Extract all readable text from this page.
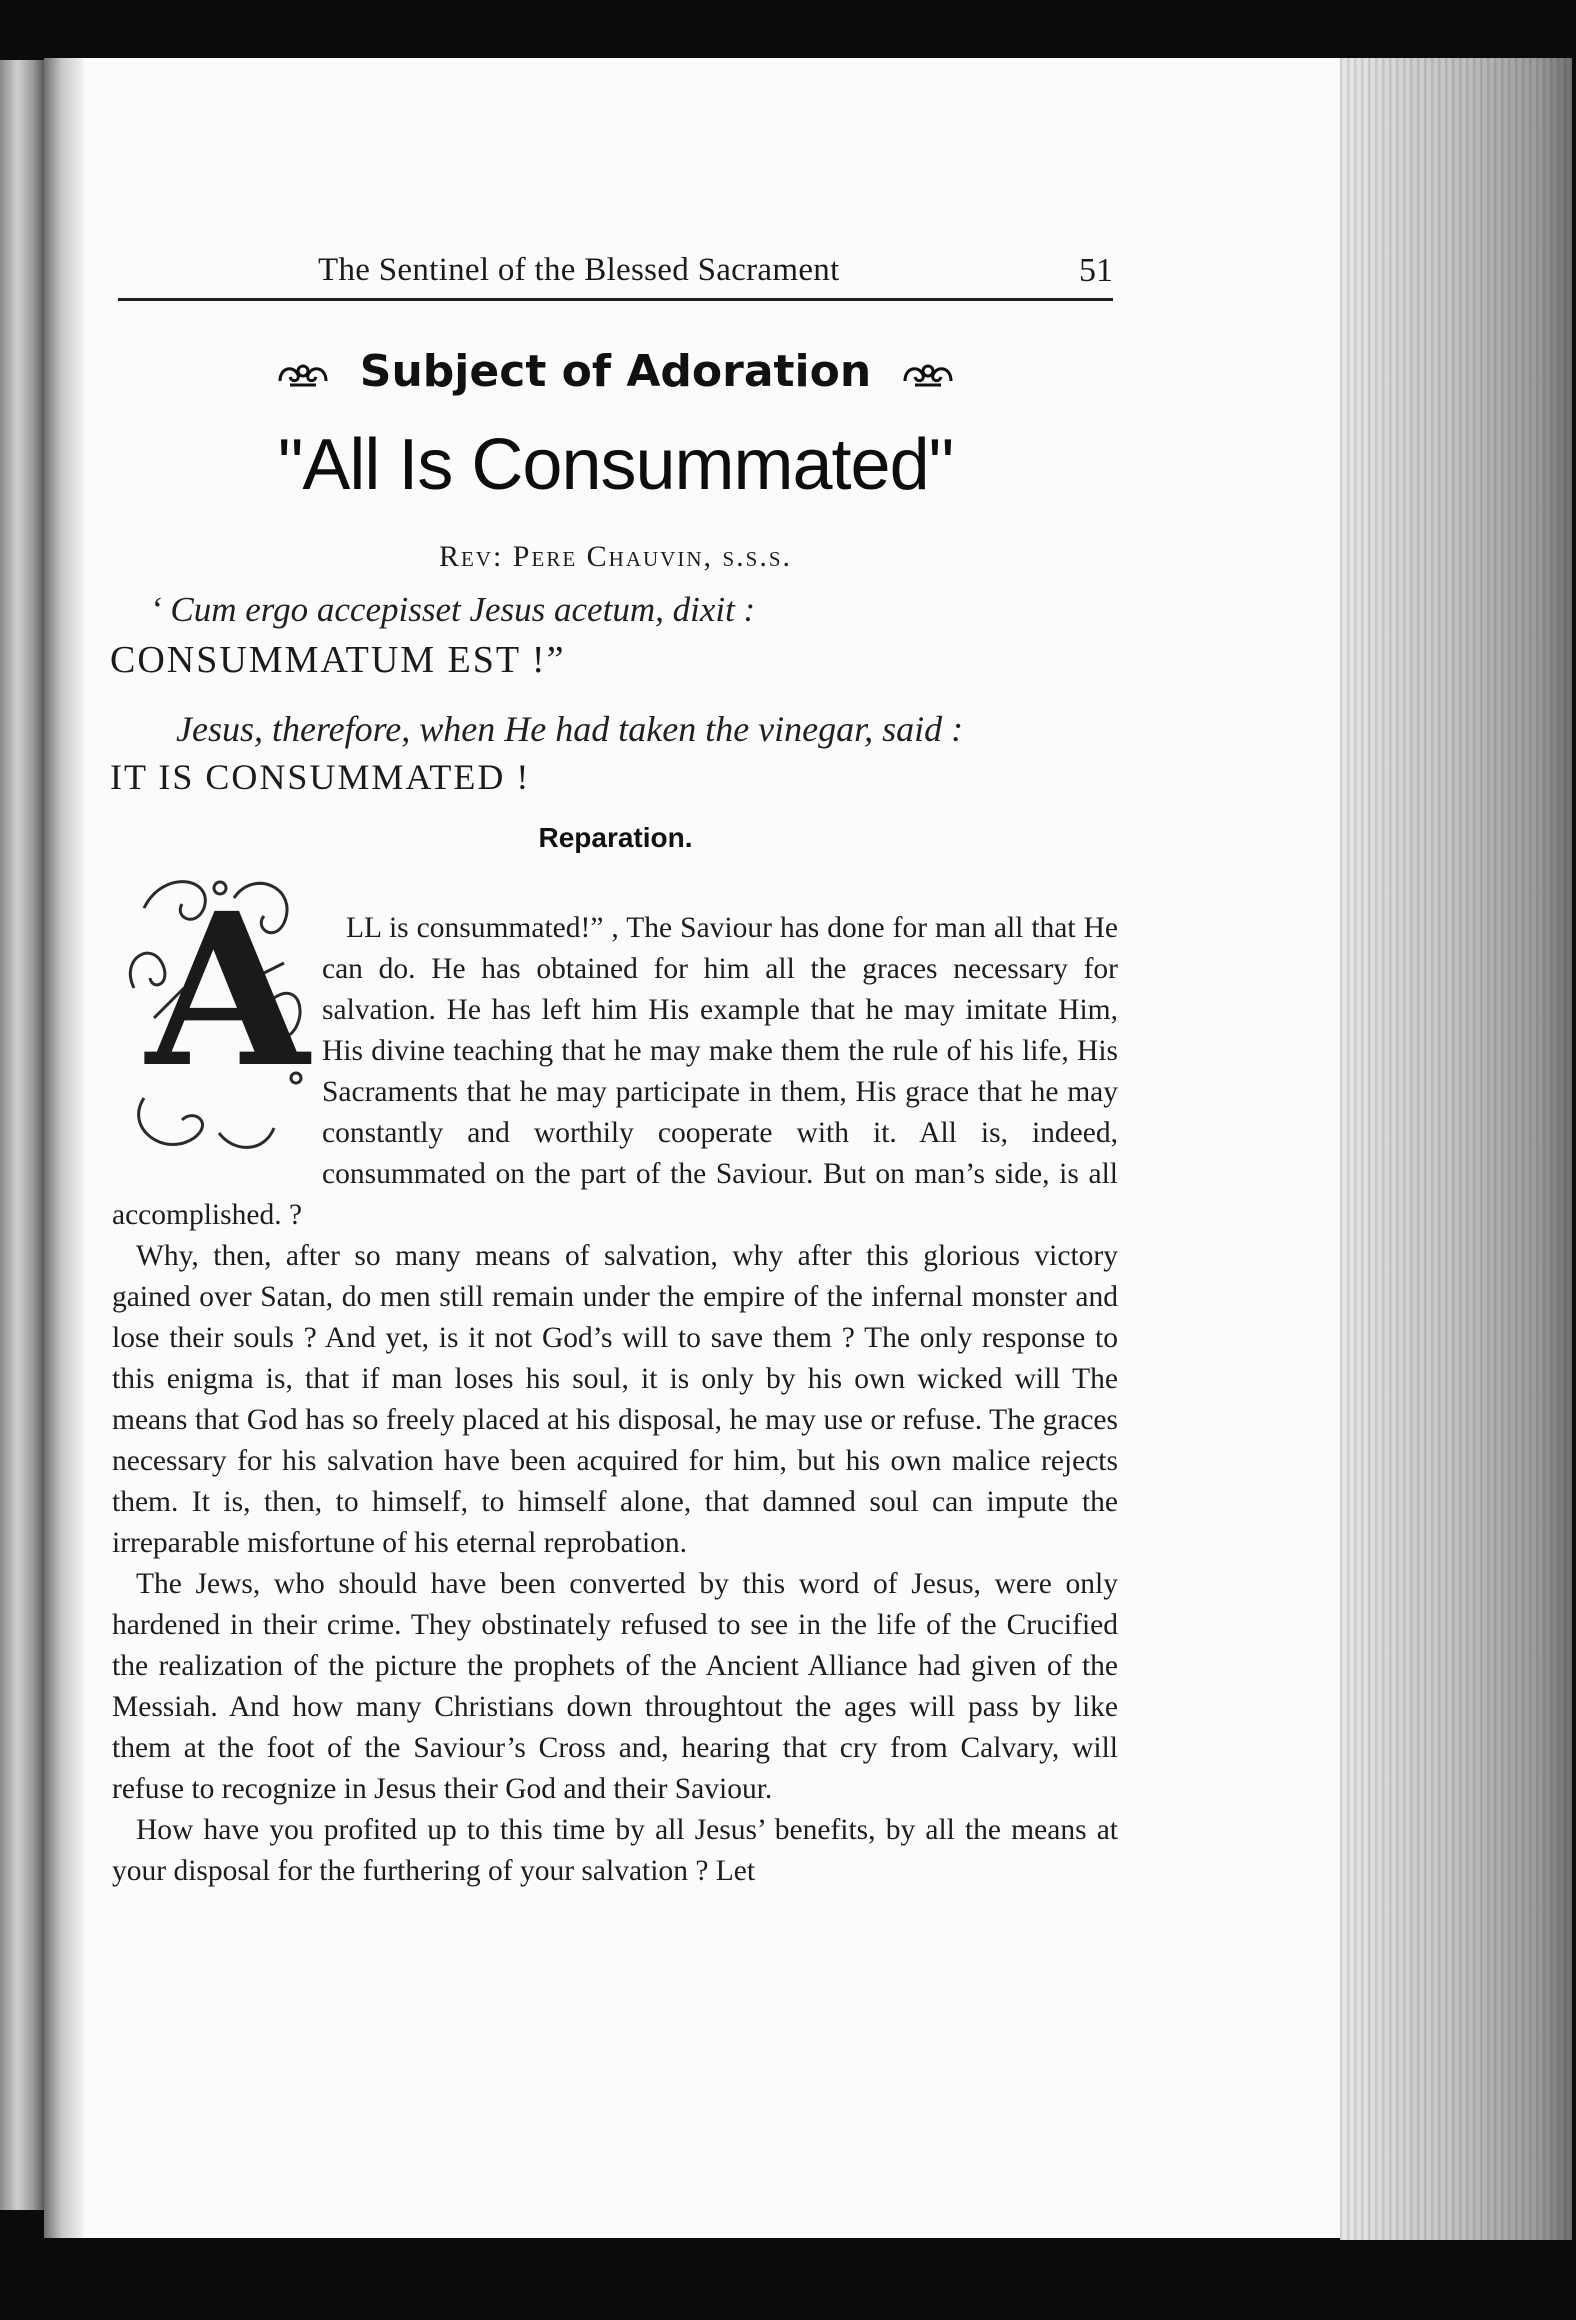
The Sentinel of the Blessed Sacrament	51
Subject of Adoration
"All Is Consummated"
Rev: Pere Chauvin, s.s.s.
‘ Cum ergo accepisset Jesus acetum, dixit :
CONSUMMATUM EST !”
Jesus, therefore, when He had taken the vinegar, said :
IT IS CONSUMMATED !
Reparation.
A	LL is consummated!” , The Saviour has done for man all that He can do. He has obtained for him all the graces necessary for salvation. He has left him His example that he may imitate Him, His divine teaching that he may make them the rule of his life, His Sacraments that he may participate in them, His grace that he may constantly and worthily cooperate with it. All is, indeed, consummated on the part of the Saviour. But on man’s side, is all accomplished. ?

Why, then, after so many means of salvation, why after this glorious victory gained over Satan, do men still remain under the empire of the infernal monster and lose their souls ? And yet, is it not God’s will to save them ? The only response to this enigma is, that if man loses his soul, it is only by his own wicked will The means that God has so freely placed at his disposal, he may use or refuse. The graces necessary for his salvation have been acquired for him, but his own malice rejects them. It is, then, to himself, to himself alone, that damned soul can impute the irreparable misfortune of his eternal reprobation.

The Jews, who should have been converted by this word of Jesus, were only hardened in their crime. They obstinately refused to see in the life of the Crucified the realization of the picture the prophets of the Ancient Alliance had given of the Messiah. And how many Christians down throughtout the ages will pass by like them at the foot of the Saviour’s Cross and, hearing that cry from Calvary, will refuse to recognize in Jesus their God and their Saviour.

How have you profited up to this time by all Jesus’ benefits, by all the means at your disposal for the furthering of your salvation ? Let
